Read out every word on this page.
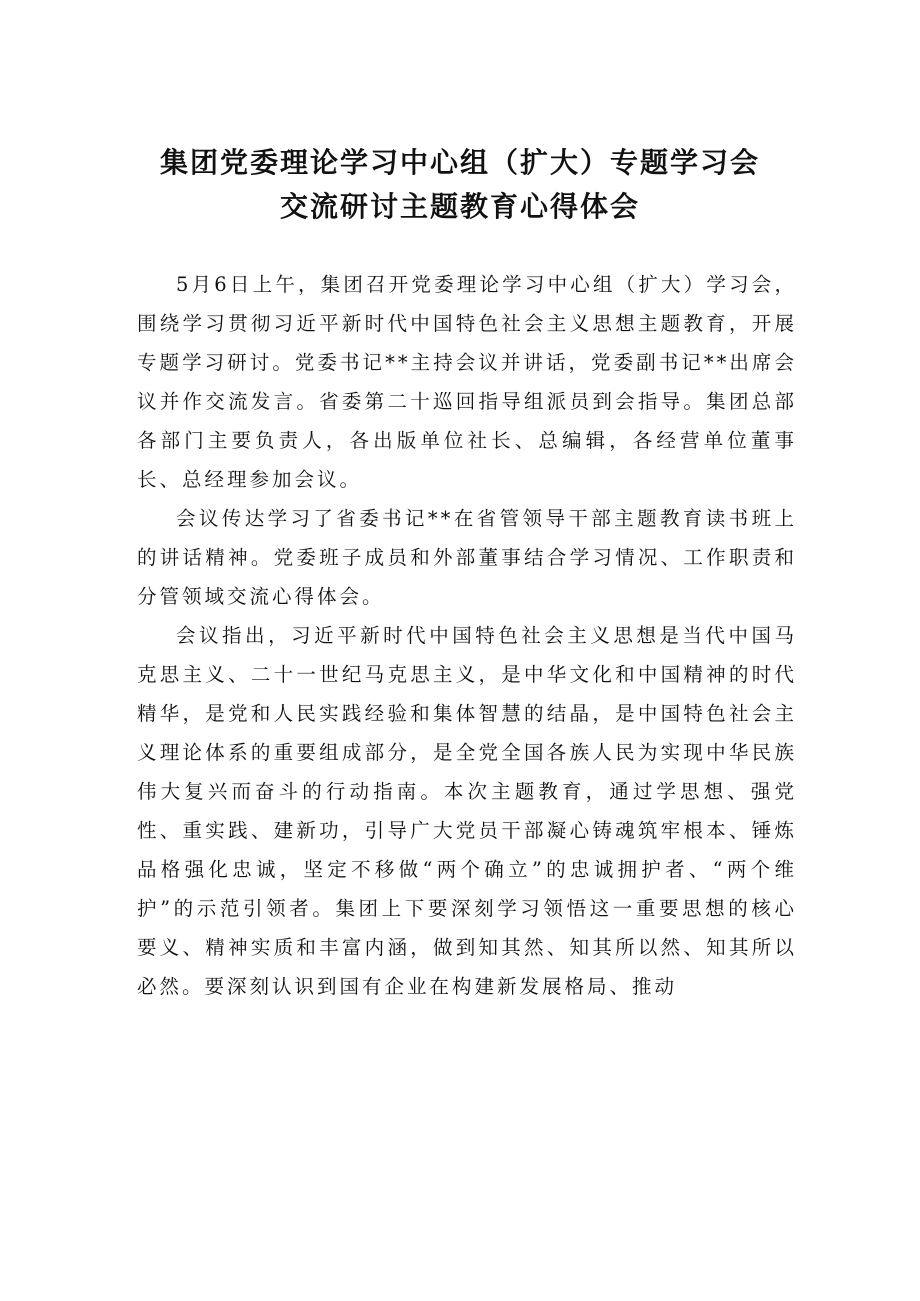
集团党委理论学习中心组（扩大）专题学习会
交流研讨主题教育心得体会

5月6日上午，集团召开党委理论学习中心组（扩大）学习会，围绕学习贯彻习近平新时代中国特色社会主义思想主题教育，开展专题学习研讨。党委书记**主持会议并讲话，党委副书记**出席会议并作交流发言。省委第二十巡回指导组派员到会指导。集团总部各部门主要负责人，各出版单位社长、总编辑，各经营单位董事长、总经理参加会议。

会议传达学习了省委书记**在省管领导干部主题教育读书班上的讲话精神。党委班子成员和外部董事结合学习情况、工作职责和分管领域交流心得体会。

会议指出，习近平新时代中国特色社会主义思想是当代中国马克思主义、二十一世纪马克思主义，是中华文化和中国精神的时代精华，是党和人民实践经验和集体智慧的结晶，是中国特色社会主义理论体系的重要组成部分，是全党全国各族人民为实现中华民族伟大复兴而奋斗的行动指南。本次主题教育，通过学思想、强党性、重实践、建新功，引导广大党员干部凝心铸魂筑牢根本、锤炼品格强化忠诚，坚定不移做“两个确立”的忠诚拥护者、“两个维护”的示范引领者。集团上下要深刻学习领悟这一重要思想的核心要义、精神实质和丰富内涵，做到知其然、知其所以然、知其所以必然。要深刻认识到国有企业在构建新发展格局、推动
